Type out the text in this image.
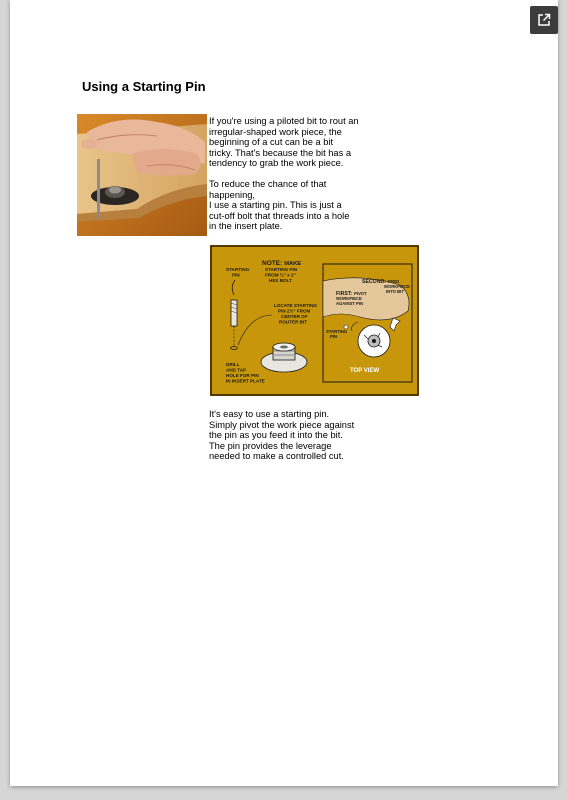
Using a Starting Pin

If you're using a piloted bit to rout an irregular-shaped work piece, the beginning of a cut can be a bit tricky. That's because the bit has a tendency to grab the work piece.

To reduce the chance of that happening,
I use a starting pin. This is just a cut-off bolt that threads into a hole in the insert plate.
NOTE: MAKE
STARTING PIN
FROM ¼" x 2"
HEX BOLT
STARTING
PIN
LOCATE STARTING
PIN 2½" FROM
CENTER OF
ROUTER BIT
DRILL
AND TAP
HOLE FOR PIN
IN INSERT PLATE
SECOND: FEED
WORKPIECE
INTO BIT
FIRST: PIVOT
WORKPIECE
AGAINST PIN
STARTING
PIN
TOP VIEW

It's easy to use a starting pin. Simply pivot the work piece against the pin as you feed it into the bit. The pin provides the leverage needed to make a controlled cut.
